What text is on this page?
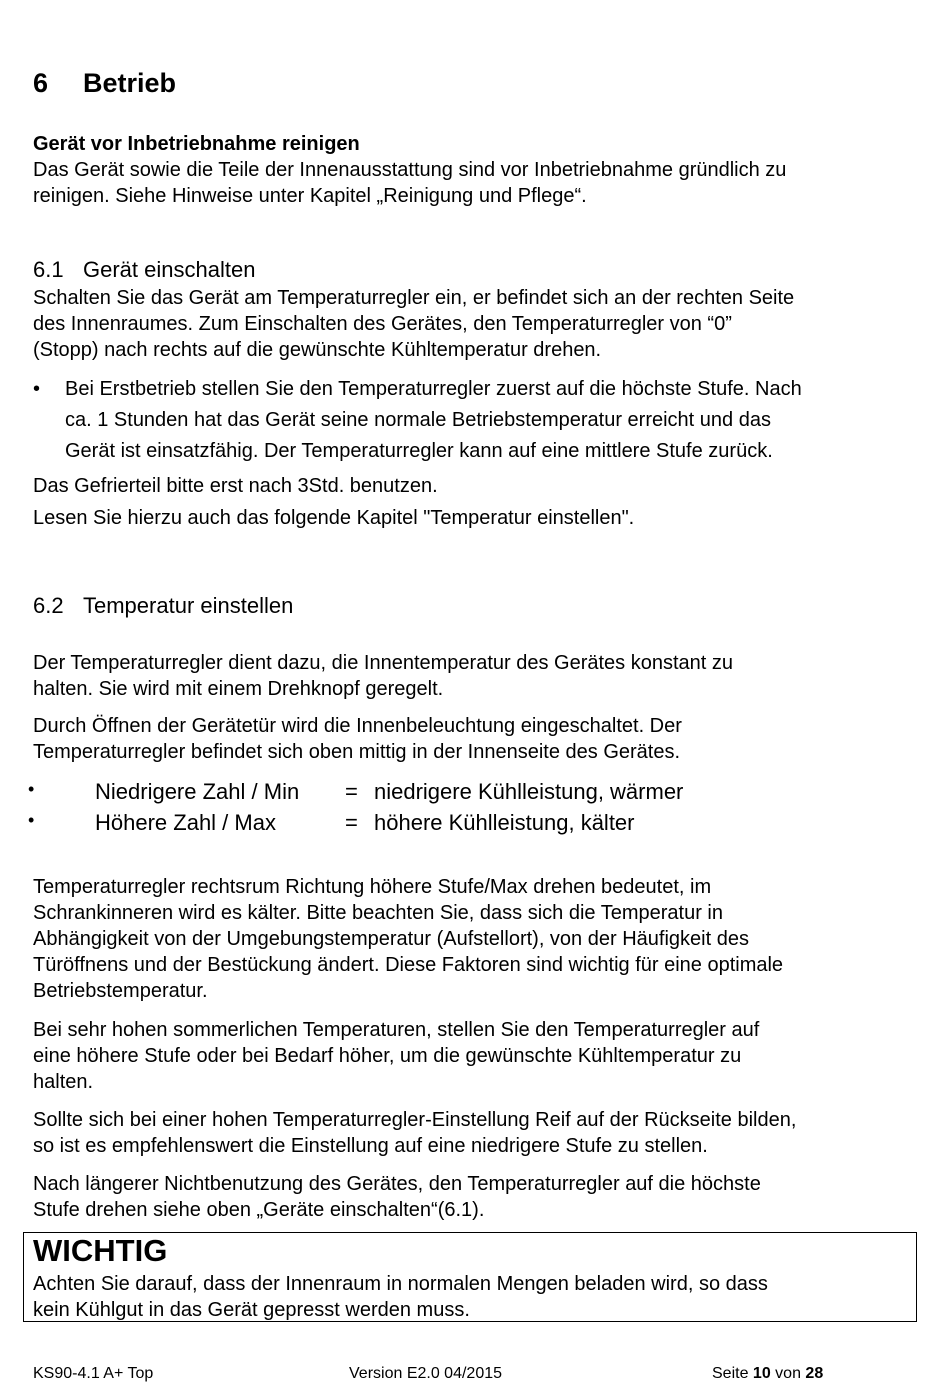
6 Betrieb
Gerät vor Inbetriebnahme reinigen
Das Gerät sowie die Teile der Innenausstattung sind vor Inbetriebnahme gründlich zu
reinigen. Siehe Hinweise unter Kapitel „Reinigung und Pflege“.
6.1 Gerät einschalten
Schalten Sie das Gerät am Temperaturregler ein, er befindet sich an der rechten Seite
des Innenraumes. Zum Einschalten des Gerätes, den Temperaturregler von “0”
(Stopp) nach rechts auf die gewünschte Kühltemperatur drehen.
• Bei Erstbetrieb stellen Sie den Temperaturregler zuerst auf die höchste Stufe. Nach
ca. 1 Stunden hat das Gerät seine normale Betriebstemperatur erreicht und das
Gerät ist einsatzfähig. Der Temperaturregler kann auf eine mittlere Stufe zurück.
Das Gefrierteil bitte erst nach 3Std. benutzen.
Lesen Sie hierzu auch das folgende Kapitel "Temperatur einstellen".
6.2 Temperatur einstellen
Der Temperaturregler dient dazu, die Innentemperatur des Gerätes konstant zu
halten. Sie wird mit einem Drehknopf geregelt.
Durch Öffnen der Gerätetür wird die Innenbeleuchtung eingeschaltet. Der
Temperaturregler befindet sich oben mittig in der Innenseite des Gerätes.
•	Niedrigere Zahl / Min = niedrigere Kühlleistung, wärmer
•	Höhere Zahl / Max	= höhere Kühlleistung, kälter
Temperaturregler rechtsrum Richtung höhere Stufe/Max drehen bedeutet, im
Schrankinneren wird es kälter. Bitte beachten Sie, dass sich die Temperatur in
Abhängigkeit von der Umgebungstemperatur (Aufstellort), von der Häufigkeit des
Türöffnens und der Bestückung ändert. Diese Faktoren sind wichtig für eine optimale
Betriebstemperatur.
Bei sehr hohen sommerlichen Temperaturen, stellen Sie den Temperaturregler auf
eine höhere Stufe oder bei Bedarf höher, um die gewünschte Kühltemperatur zu
halten.
Sollte sich bei einer hohen Temperaturregler-Einstellung Reif auf der Rückseite bilden,
so ist es empfehlenswert die Einstellung auf eine niedrigere Stufe zu stellen.
Nach längerer Nichtbenutzung des Gerätes, den Temperaturregler auf die höchste
Stufe drehen siehe oben „Geräte einschalten“(6.1).
WICHTIG
Achten Sie darauf, dass der Innenraum in normalen Mengen beladen wird, so dass
kein Kühlgut in das Gerät gepresst werden muss.
KS90-4.1 A+ Top	Version E2.0 04/2015	Seite 10 von 28
